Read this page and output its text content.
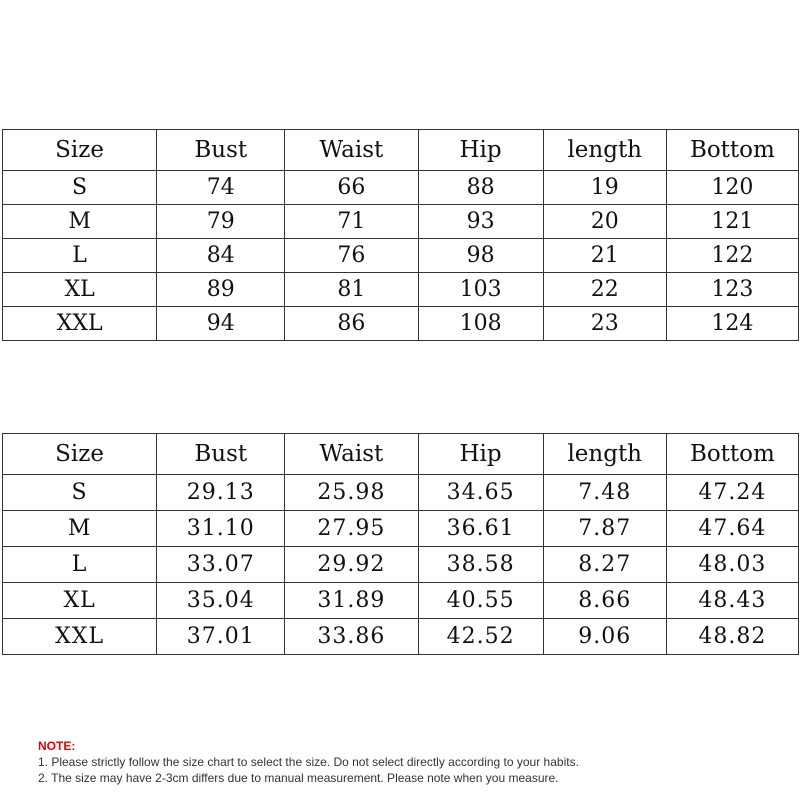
Size	Bust	Waist	Hip	length	Bottom
S	74	66	88	19	120
M	79	71	93	20	121
L	84	76	98	21	122
XL	89	81	103	22	123
XXL	94	86	108	23	124
Size	Bust	Waist	Hip	length	Bottom
S	29.13	25.98	34.65	7.48	47.24
M	31.10	27.95	36.61	7.87	47.64
L	33.07	29.92	38.58	8.27	48.03
XL	35.04	31.89	40.55	8.66	48.43
XXL	37.01	33.86	42.52	9.06	48.82
NOTE:
1. Please strictly follow the size chart to select the size. Do not select directly according to your habits.
2. The size may have 2-3cm differs due to manual measurement. Please note when you measure.
